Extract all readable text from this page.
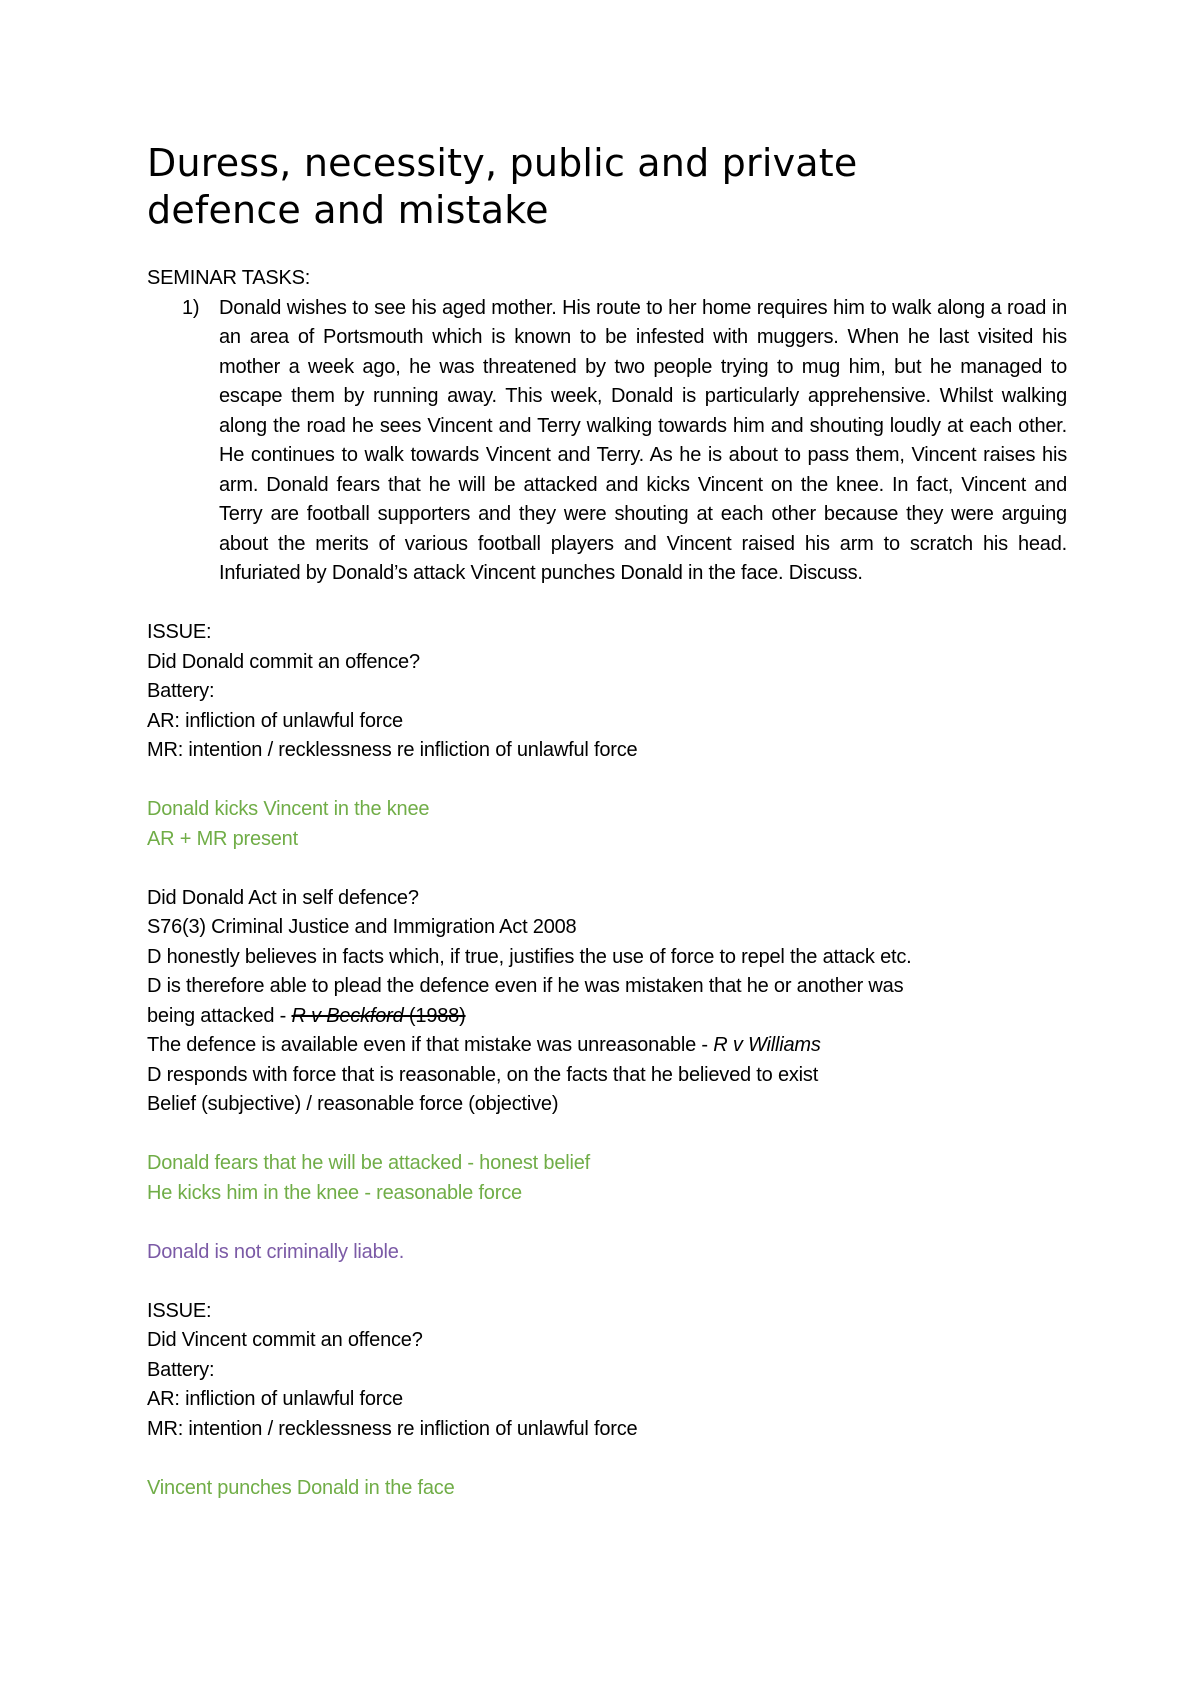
Duress, necessity, public and private
defence and mistake
SEMINAR TASKS:
1) Donald wishes to see his aged mother. His route to her home requires him to walk along a road in an area of Portsmouth which is known to be infested with muggers. When he last visited his mother a week ago, he was threatened by two people trying to mug him, but he managed to escape them by running away. This week, Donald is particularly apprehensive. Whilst walking along the road he sees Vincent and Terry walking towards him and shouting loudly at each other. He continues to walk towards Vincent and Terry. As he is about to pass them, Vincent raises his arm. Donald fears that he will be attacked and kicks Vincent on the knee. In fact, Vincent and Terry are football supporters and they were shouting at each other because they were arguing about the merits of various football players and Vincent raised his arm to scratch his head. Infuriated by Donald’s attack Vincent punches Donald in the face. Discuss.
ISSUE:
Did Donald commit an offence?
Battery:
AR: infliction of unlawful force
MR: intention / recklessness re infliction of unlawful force
Donald kicks Vincent in the knee
AR + MR present
Did Donald Act in self defence?
S76(3) Criminal Justice and Immigration Act 2008
D honestly believes in facts which, if true, justifies the use of force to repel the attack etc.
D is therefore able to plead the defence even if he was mistaken that he or another was
being attacked - R v Beckford (1988)
The defence is available even if that mistake was unreasonable - R v Williams
D responds with force that is reasonable, on the facts that he believed to exist
Belief (subjective) / reasonable force (objective)
Donald fears that he will be attacked - honest belief
He kicks him in the knee - reasonable force
Donald is not criminally liable.
ISSUE:
Did Vincent commit an offence?
Battery:
AR: infliction of unlawful force
MR: intention / recklessness re infliction of unlawful force
Vincent punches Donald in the face
